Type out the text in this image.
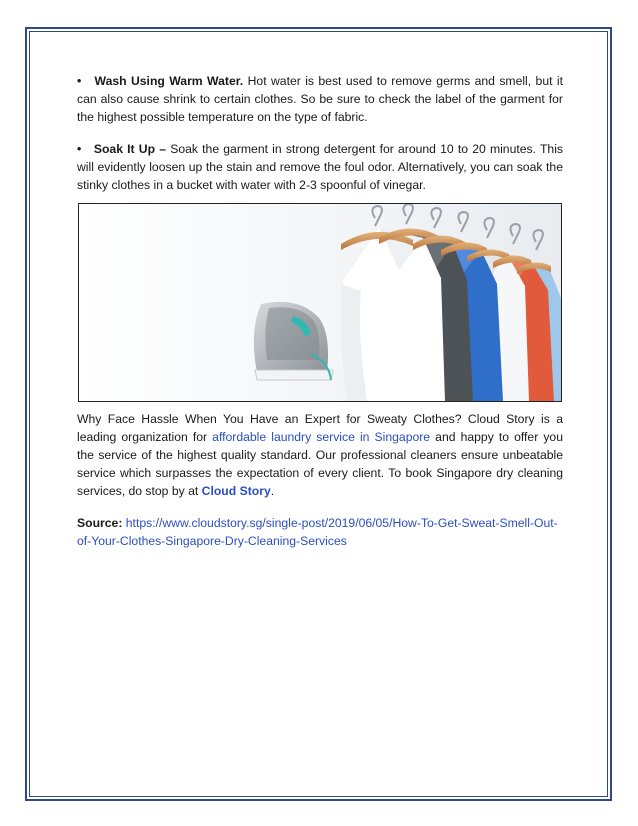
• Wash Using Warm Water. Hot water is best used to remove germs and smell, but it can also cause shrink to certain clothes. So be sure to check the label of the garment for the highest possible temperature on the type of fabric.

• Soak It Up – Soak the garment in strong detergent for around 10 to 20 minutes. This will evidently loosen up the stain and remove the foul odor. Alternatively, you can soak the stinky clothes in a bucket with water with 2-3 spoonful of vinegar.

Why Face Hassle When You Have an Expert for Sweaty Clothes? Cloud Story is a leading organization for affordable laundry service in Singapore and happy to offer you the service of the highest quality standard. Our professional cleaners ensure unbeatable service which surpasses the expectation of every client. To book Singapore dry cleaning services, do stop by at Cloud Story.

Source: https://www.cloudstory.sg/single-post/2019/06/05/How-To-Get-Sweat-Smell-Out-of-Your-Clothes-Singapore-Dry-Cleaning-Services
